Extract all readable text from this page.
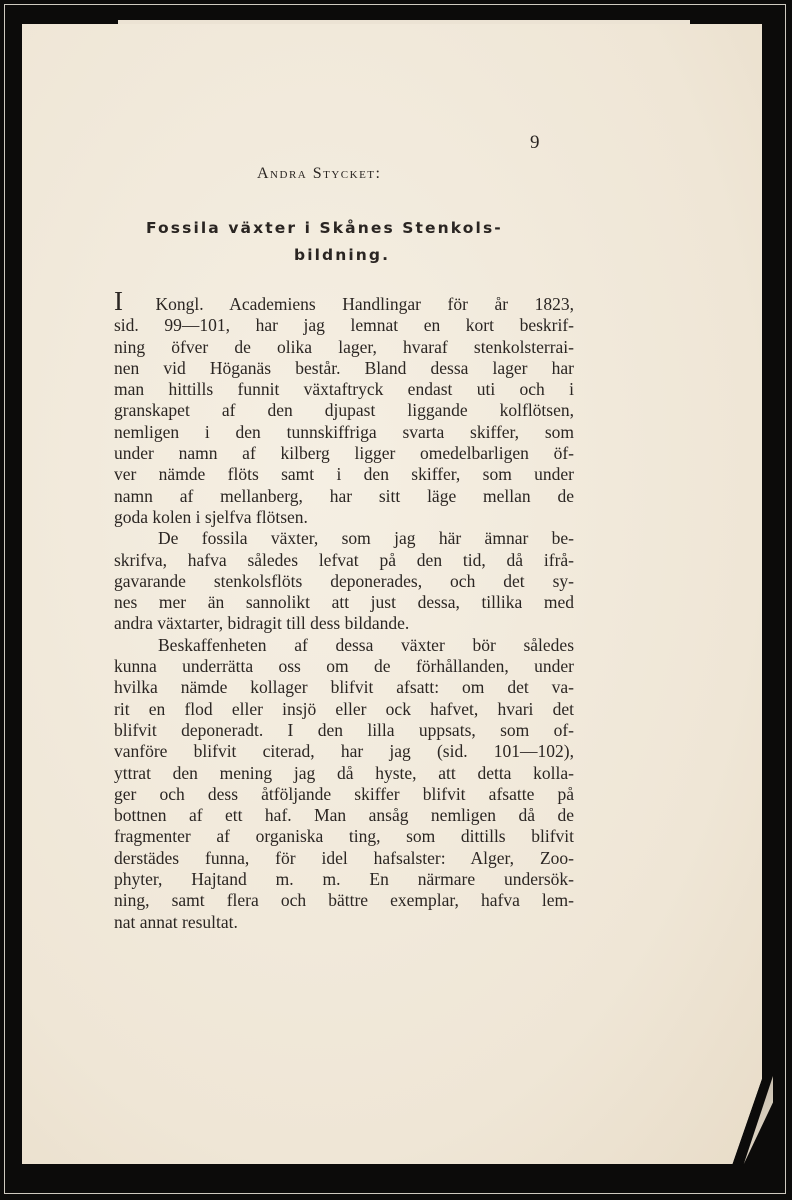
9
Andra Stycket:
Fossila växter i Skånes Stenkols-
bildning.
I Kongl. Academiens Handlingar för år 1823,
sid. 99—101, har jag lemnat en kort beskrif-
ning öfver de olika lager, hvaraf stenkolsterrai-
nen vid Höganäs består. Bland dessa lager har
man hittills funnit växtaftryck endast uti och i
granskapet af den djupast liggande kolflötsen,
nemligen i den tunnskiffriga svarta skiffer, som
under namn af kilberg ligger omedelbarligen öf-
ver nämde flöts samt i den skiffer, som under
namn af mellanberg, har sitt läge mellan de
goda kolen i sjelfva flötsen.
De fossila växter, som jag här ämnar be-
skrifva, hafva således lefvat på den tid, då ifrå-
gavarande stenkolsflöts deponerades, och det sy-
nes mer än sannolikt att just dessa, tillika med
andra växtarter, bidragit till dess bildande.
Beskaffenheten af dessa växter bör således
kunna underrätta oss om de förhållanden, under
hvilka nämde kollager blifvit afsatt: om det va-
rit en flod eller insjö eller ock hafvet, hvari det
blifvit deponeradt. I den lilla uppsats, som of-
vanföre blifvit citerad, har jag (sid. 101—102),
yttrat den mening jag då hyste, att detta kolla-
ger och dess åtföljande skiffer blifvit afsatte på
bottnen af ett haf. Man ansåg nemligen då de
fragmenter af organiska ting, som dittills blifvit
derstädes funna, för idel hafsalster: Alger, Zoo-
phyter, Hajtand m. m. En närmare undersök-
ning, samt flera och bättre exemplar, hafva lem-
nat annat resultat.
